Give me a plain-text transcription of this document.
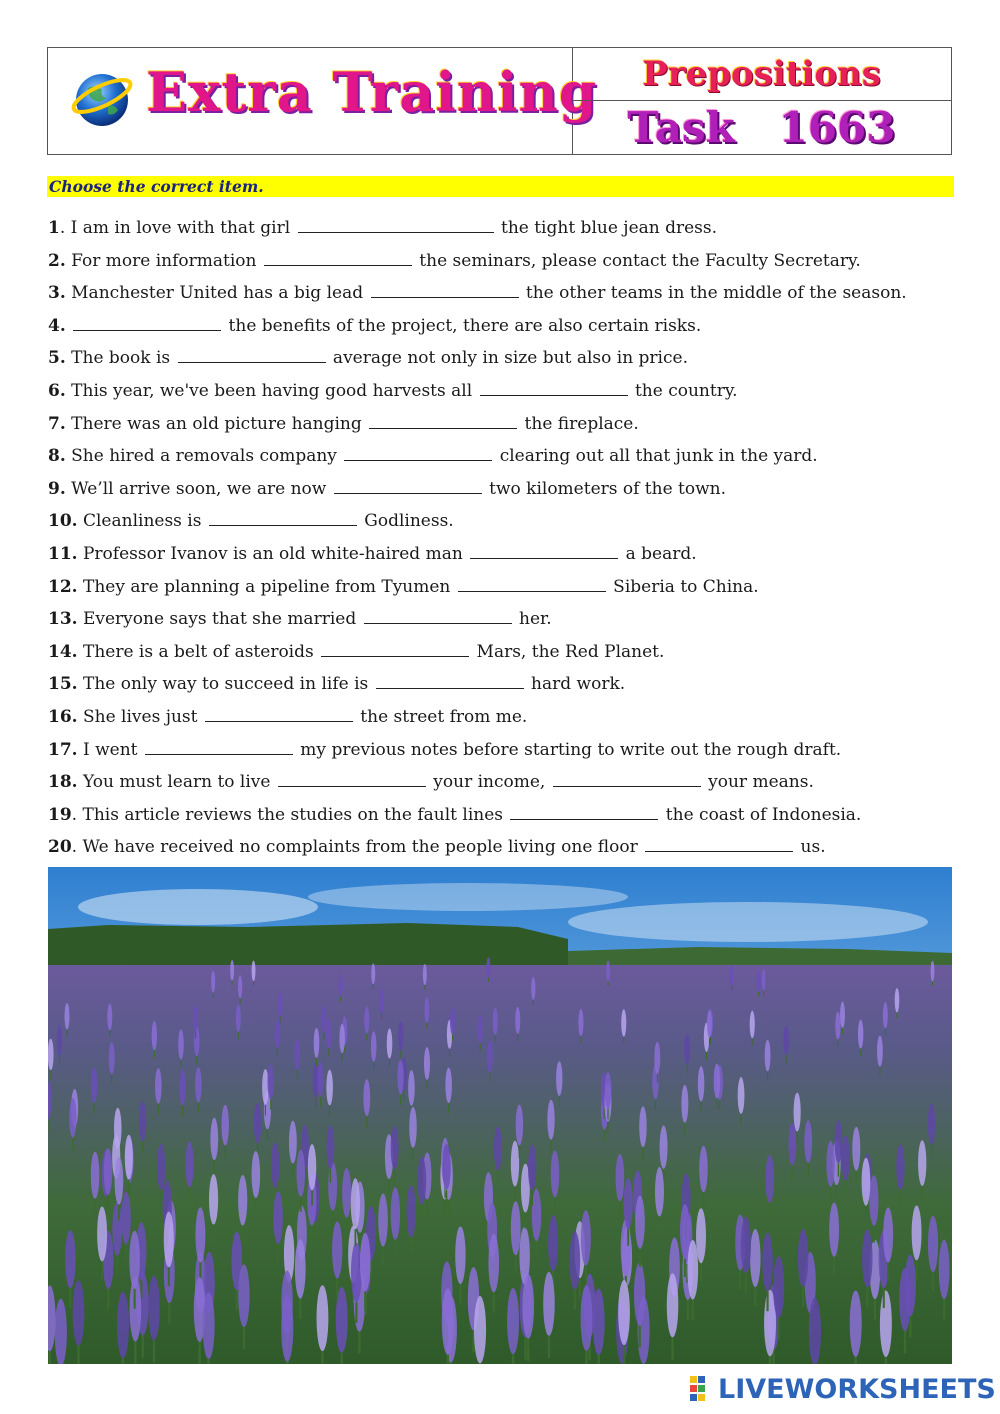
Extra Training Prepositions
Task   1663
Choose the correct item.
1. I am in love with that girl	the tight blue jean dress.
2. For more information	the seminars, please contact the Faculty Secretary.
3. Manchester United has a big lead	the other teams in the middle of the season.
4.	the benefits of the project, there are also certain risks.
5. The book is	average not only in size but also in price.
6. This year, we've been having good harvests all	the country.
7. There was an old picture hanging	the fireplace.
8. She hired a removals company	clearing out all that junk in the yard.
9. We’ll arrive soon, we are now	two kilometers of the town.
10. Cleanliness is	Godliness.
11. Professor Ivanov is an old white-haired man	a beard.
12. They are planning a pipeline from Tyumen	Siberia to China.
13. Everyone says that she married	her.
14. There is a belt of asteroids	Mars, the Red Planet.
15. The only way to succeed in life is	hard work.
16. She lives just	the street from me.
17. I went	my previous notes before starting to write out the rough draft.
18. You must learn to live	your income,	your means.
19. This article reviews the studies on the fault lines	the coast of Indonesia.
20. We have received no complaints from the people living one floor	us.
LIVEWORKSHEETS
